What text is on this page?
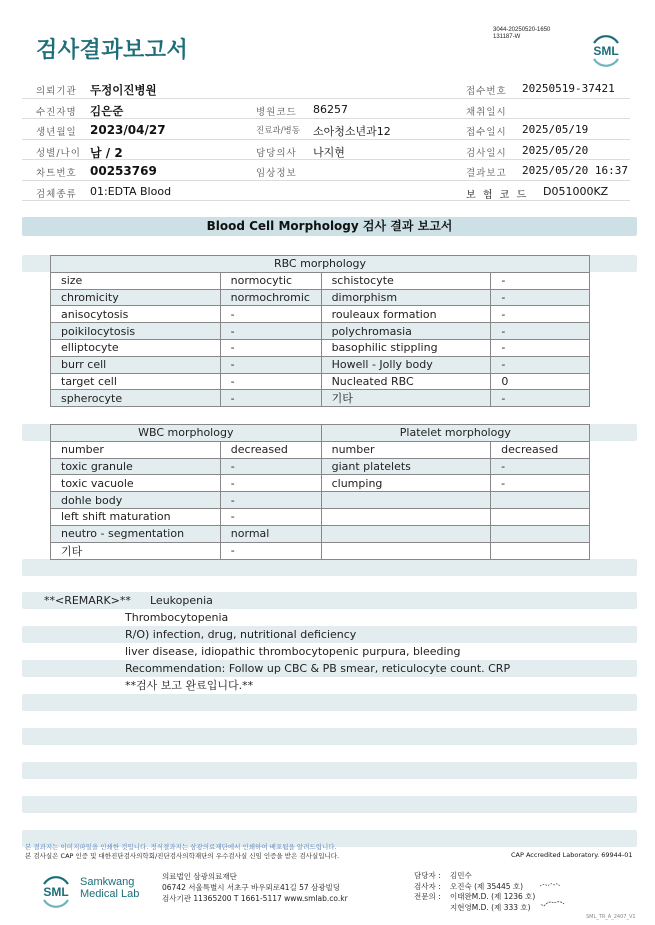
검사결과보고서
3044-20250520-1650
131187-W
SML
의뢰기관 두정이진병원	접수번호 20250519-37421
수진자명 김은준	병원코드 86257	채취일시
생년월일 2023/04/27	진료과/병동 소아청소년과12	접수일시 2025/05/19
성별/나이 남 / 2	담당의사 나지현	검사일시 2025/05/20
차트번호 00253769	임상정보	결과보고 2025/05/20 16:37
검체종류 01:EDTA Blood	보 험 코 드 D051000KZ
Blood Cell Morphology 검사 결과 보고서
RBC morphology			
size	normocytic	schistocyte	-
chromicity	normochromic	dimorphism	-
anisocytosis	-	rouleaux formation	-
poikilocytosis	-	polychromasia	-
elliptocyte	-	basophilic stippling	-
burr cell	-	Howell - Jolly body	-
target cell	-	Nucleated RBC	0
spherocyte	-	기타	-
WBC morphology		Platelet morphology	
number	decreased	number	decreased
toxic granule	-	giant platelets	-
toxic vacuole	-	clumping	-
dohle body	-		
left shift maturation	-		
neutro - segmentation	normal		
기타	-		
**<REMARK>** Leukopenia
Thrombocytopenia
R/O) infection, drug, nutritional deficiency
liver disease, idiopathic thrombocytopenic purpura, bleeding
Recommendation: Follow up CBC & PB smear, reticulocyte count. CRP
**검사 보고 완료입니다.**
본 결과지는 이미지파일을 인쇄한 것입니다. 정식결과지는 삼광의료재단에서 인쇄하여 배포됨을 알려드립니다.
본 검사실은 CAP 인증 및 대한진단검사의학회/진단검사의학재단의 우수검사실 신임 인증을 받은 검사실입니다.	CAP Accredited Laboratory. 69944-01
SML
Samkwang
Medical Lab
의료법인 삼광의료재단
06742 서울특별시 서초구 바우뫼로41길 57 삼광빌딩
검사기관 11365200 T 1661-5117 www.smlab.co.kr
담당자 : 김민수
검사자 : 오진숙 (제 35445 호)
전문의 : 이태완M.D. (제 1236 호)
지현영M.D. (제 333 호)
SML_TR_A_2407_V1
